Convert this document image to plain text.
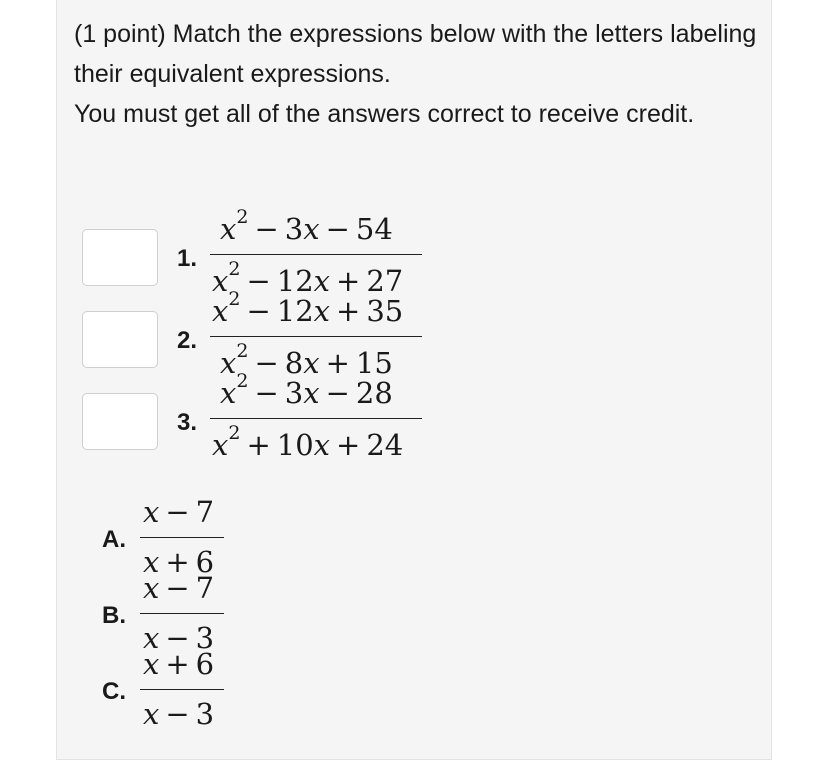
(1 point) Match the expressions below with the letters labeling their equivalent expressions.

You must get all of the answers correct to receive credit.

1.
$x^2 - 3x - 54$
$x^2 - 12x + 27$
2.
$x^2 - 12x + 35$
$x^2 - 8x + 15$
3.
$x^2 - 3x - 28$
$x^2 + 10x + 24$
A.
x − 7
x + 6
B.
x − 7
x − 3
C.
x + 6
x − 3
